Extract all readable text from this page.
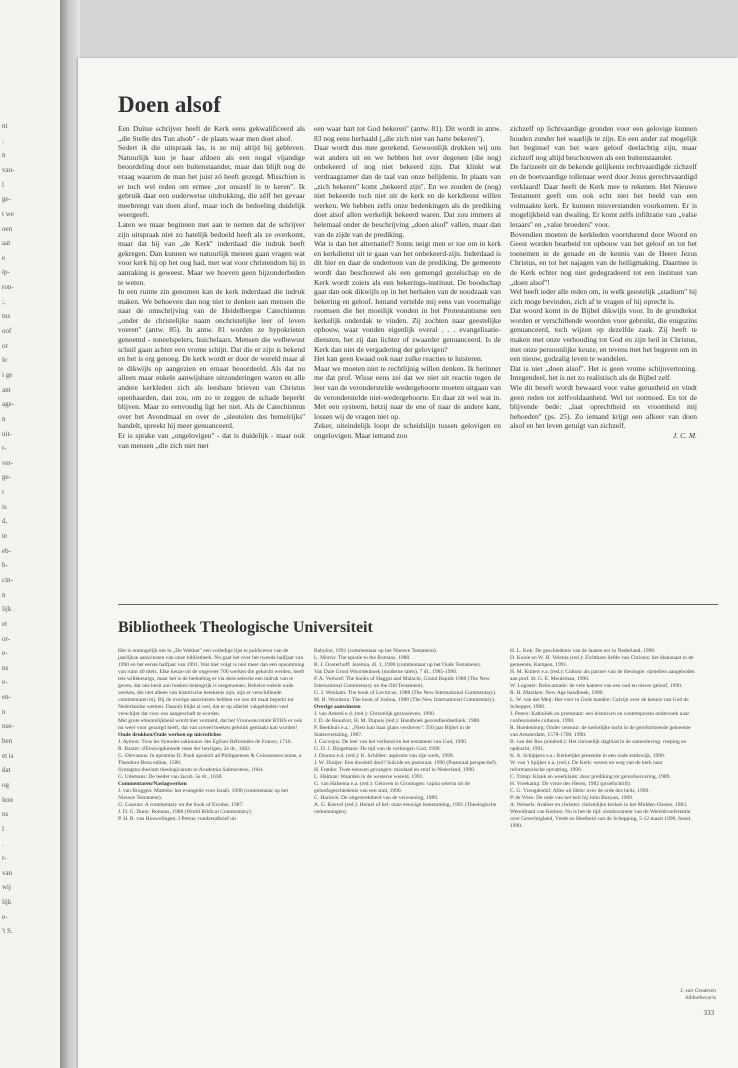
nt
:
n
van-
l
ge-
t we
oen
aat
e
ip-
ron-
;.
tus
oof
or
le
i ge
ant
age-
n
uit-
r-
ver-
ge-
r
is
d,
te
eb-
h-
cin-
n
lijk
et
or-
e-
ns
e-
en-
n
nse-
ben
et is
dat
og
leze
ns
l
.
r-
van
wij
lijk
e-
't S.
Doen alsof

Een Duitse schrijver heeft de Kerk eens gekwalificeerd als „die Stelle des Tun alsob'' - de plaats waar men doet alsof.

Sedert ik die uitspraak las, is ze mij altijd bij gebleven. Natuurlijk kun je haar afdoen als een nogal vijandige beoordeling door een buitenstaander, maar dan blijft nog de vraag waarom de man het juist zó heeft gezegd. Misschien is er toch wel reden om ermee „tot onszelf in te keren''. Ik gebruik daar een ouderwetse uitdrukking, die zèlf het gevaar meebrengt van doen alsof, maar toch de bedoeling duidelijk weergeeft.

Laten we maar beginnen met aan te nemen dat de schrijver zijn uitspraak niet zo hatelijk bedoeld heeft als ze overkomt, maar dat hij van „de Kerk'' inderdaad die indruk heeft gekregen. Dan kunnen we natuurlijk meteen gaan vragen wat voor kerk hij op het oog had, met wat voor christendom hij in aanraking is geweest. Maar we hoeven geen bijzonderheden te weten.

In een ruime zin genomen kan de kerk inderdaad die indruk maken. We behoeven dan nog niet te denken aan mensen die naar de omschrijving van de Heidelbergse Catechismus „onder de christelijke naam onchristelijke leer of leven voeren'' (antw. 85). In antw. 81 worden ze hypokrieten genoemd - toneelspelers, huichelaars. Mensen die welbewust schuil gaan achter een vrome schijn. Dat die er zijn is bekend en het is erg genoeg. De kerk wordt er door de wereld maar al te dikwijls op aangezien en ernaar beoordeeld. Als dat nu alleen maar enkele aanwijsbare uitzonderingen waren en alle andere kerkleden zich als leesbare brieven van Christus openbaarden, dan zou, om zo te zeggen de schade beperkt blijven. Maar zo eenvoudig ligt het niet. Als de Catechismus over het Avondmaal en over de „sleutelen des hemelrijks'' handelt, spreekt hij meer genuanceerd.

Er is sprake van „ongelovigen'' - dat is duidelijk - maar ook van mensen „die zich niet met

een waar hart tot God bekeren'' (antw. 81). Dit wordt in antw. 83 nog eens herhaald („die zich niet van harte bekeren'').

Daar wordt dus mee gerekend. Gewoonlijk drukken wij ons wat anders uit en we hebben het over degenen (die nog) onbekeerd of nog niet bekeerd zijn. Dat klinkt wat verdraagzamer dan de taal van onze belijdenis. In plaats van „zich bekeren'' komt „bekeerd zijn''. En we zouden de (nog) niet bekeerde toch niet uit de kerk en de kerkdienst willen werken. We hebben zelfs onze bedenkingen als de prediking doet alsof allen werkelijk bekeerd waren. Dat zou immers al helemaal onder de beschrijving „doen alsof'' vallen, maar dan van de zijde van de prediking.

Wat is dan het alternatief? Soms neigt men er toe om in kerk en kerkdienst uit te gaan van het onbekeerd-zijn. Inderdaad is dit hier en daar de ondertoon van de prediking. De gemeente wordt dan beschouwd als een gemengd gezelschap en de Kerk wordt zoiets als een bekerings-instituut. De boodschap gaat dan ook dikwijls op in het herhalen van de noodzaak van bekering en geloof. Iemand vertelde mij eens van voormalige roomsen die het moeilijk vonden in het Protestantisme een kerkelijk onderdak te vinden. Zij zochten naar geestelijke opbouw, waar vonden eigenlijk overal . . . evangelisatie-diensten, het zij dan lichter of zwaarder genuanceerd. Is de Kerk dan niet de vergadering der gelovigen?

Het kan geen kwaad ook naar zulke reacties te luisteren.

Maar we moeten niet te rechtlijnig willen denken. Ik herinner me dat prof. Wisse eens zei dat we niet uit reactie tegen de leer van de veronderstelde wedergeboorte moeten uitgaan van de veronderstelde niet-wedergeboorte. En daar zit wel wat in. Met een systeem, hetzij naar de ene of naar de andere kant, lossen wij de vragen niet op.

Zeker, uiteindelijk loopt de scheidslijn tussen gelovigen en ongelovigen. Maar iemand zou

zichzelf op lichtvaardige gronden voor een gelovige kunnen houden zonder het waarlijk te zijn. En een ander zal mogelijk het beginsel van het ware geloof deelachtig zijn, maar zichzelf nog altijd beschouwen als een buitenstaander.

De farizeeër uit de bekende gelijkenis rechtvaardigde zichzelf en de boetvaardige tollenaar werd door Jezus gerechtvaardigd verklaard! Daar heeft de Kerk mee te rekenen. Het Nieuwe Testament geeft ons ook echt niet het beeld van een volmaakte kerk. Er kunnen misverstanden voorkomen. Er is mogelijkheid van dwaling. Er komt zelfs infiltratie van „valse leraars'' en „valse broeders'' voor.

Bovendien moeten de kerkleden voortdurend door Woord en Geest worden bearbeid tot opbouw van het geloof en tot het toenemen in de genade en de kennis van de Heere Jezus Christus, en tot het najagen van de heiligmaking. Daarmee is de Kerk echter nog niet gedegradeerd tot een instituut van „doen alsof''!

Wel heeft ieder alle reden om, in welk geestelijk „stadium'' hij zich moge bevinden, zich af te vragen of hij oprecht is.

Dat woord komt in de Bijbel dikwijls voor. In de grondtekst worden er verschillende woorden voor gebruikt, die enigszins genuanceerd, toch wijzen op dezelfde zaak. Zij heeft te maken met onze verhouding tot God en zijn heil in Christus, met onze persoonlijke keuze, en tevens met het begeren om in een nieuw, godzalig leven te wandelen.

Dat is niet „doen alsof''. Het is geen vrome schijnvertoning. Integendeel, het is net zo realistisch als de Bijbel zelf.

Wie dit beseft wordt bewaard voor valse gerustheid en vindt geen reden tot zelfvoldaanheid. Wel tot ootmoed. En tot de blijvende bede: „laat oprechtheid en vroomheid mij behoeden'' (ps. 25). Zo iemand krijgt een afkeer van doen alsof en het leven getuigt van zichzelf.

J. C. M.

Bibliotheek Theologische Universiteit
Het is onmogelijk om in „De Wekker'' een volledige lijst te publiceren van de jaarlijkse aanwinsten van onze bibliotheek. Nu gaat het over het tweede halfjaar van 1990 en het eerste halfjaar van 1991. Wat hier volgt is niet meer dan een opsomming van ruim 40 titels. Elke keuze uit de ongeveer 700 werken die gekocht werden, heeft iets willekeurigs, maar het is de bedoeling er via deze selectie een indruk van te geven, dat ons bezit aan boeken belangrijk is toegenomen. Behalve enkele oude werken, die niet alleen van historische betekenis zijn, zijn er verschillende commentaren bij. Bij de overige aanwinsten hebben we ons dit maal beperkt tot Nederlandse werken. Daaruit blijkt al wel, dat er op allerlei vakgebieden veel verschijnt dat voor ons aangeschaft te worden.
Met grote erkentelijkheid wordt hier vermeld, dat het Vrouwencomité BTHS er ook nu weer voor gezorgd heeft, dat van zoveel boeken gebruik gemaakt kan worden!
Oude drukken/Oude werken op microfiches
J. Aymon: Tous les Synodes nationaux des Eglises Réformées de France, 1710.
R. Baxter: d'Eeuwigdurende ruste der heyligen, 2e dr., 1682.
G. Olevianus: In epistolas D. Pauli apostoli ad Philippenses & Colossenses notae, a Theodoro Beza editae, 1580.
Syntagma thesium theologicarum in Academia Salmuriensi, 1664.
G. Udemans: De leeder van Iacob. 5e dr., 1638.
Commentaren/Naslagwerken
J. van Bruggen: Matteüs: het evangelie voor Israël, 1990 (commentaar op het Nieuwe Testament).
U. Cassuto: A commentary on the book of Exodus, 1987.
J. D. G. Dunn: Romans, 1988 (World Biblical Commentary).
P. H. R. van Houwelingen: I Petrus: rondzendbrief uit
Babylon, 1991 (commentaar op het Nieuwe Testament).
L. Morris: The epistle to the Romans, 1988.
B. J. Oosterhoff: Jeremia, dl. 1, 1990 (commentaar op het Oude Testament).
Van Dale Groot Woordenboek (moderne talen), 7 dl., 1985-1990.
P. A. Verhoef: The books of Haggai and Malachi, Grand Rapids 1988 (The New International Commentary on the Old Testament).
G. J. Wenham: The book of Leviticus, 1988 (The New International Commentary).
M. H. Woudstra: The book of Joshua, 1988 (The New International Commentary).
Overige aanwinsten
J. van Amstel e.d. (red.): Christelijk gezinsleven, 1990.
I. D. de Beaufort, H. M. Dupuis (red.): Handboek gezondheidsethiek, 1988.
P. Beekhuis e.a.: „Niets kan haar glans verdoven'': 350 jaar Bijbel in de Statenvertaling, 1987.
J. Coccejus: De leer van het verbond en het testament van God, 1990.
G. D. J. Dingemans: De tijd van de verborgen God, 1990.
J. Douma e.d. (red.): K. Schilder: aspecten van zijn werk, 1990.
J. W. Draijer: Een doodstil doel? Suïcide en pastoraat, 1990 (Pastoraal perspectief).
H. Franke: Twee eeuwen gevangen: misdaad en straf in Nederland, 1990.
L. Halman: Waarden in de westerse wereld, 1991.
G. van Halsema e.a. (red.): Geloven in Groningen: capita selecta uit de geloofsgeschiedenis van een stad, 1990.
C. Harinck: De uitgestrektheid van de verzoening, 1989.
A. G. Knevel (red.): Hemel of hel: onze eeuwige bestemming, 1991 (Theologische verkenningen).
H. L. Kok: De geschiedenis van de laatste eer in Nederland, 1990.
D. Koole en W. H. Velema (red.): Zichtbare liefde van Christus: het diakonaat in de gemeente, Kampen, 1991.
H. M. Kuitert e.a. (red.): Cultuur als partner van de theologie: opstellen aangeboden aan prof. dr. G. E. Meuleman, 1990.
W. Logister: Reïncarnatie: de vele kamers van een oud en nieuw geloof, 1990.
R. H. Matzken: New Age handboek, 1990.
L. W. van der Meij: Het voer in Gods handen: Calvijn over de kennis van God de Schepper, 1990.
J. Peters: Katholiek en protestant: een historisch en contemporain onderzoek naar confessionele culturen, 1990.
R. Hoedenburg: Onder censuur: de kerkelijke tucht in de gereformeerde gemeente van Amsterdam, 1578-1700, 1990.
B. van der Ros (eindred.): Het christelijk dagblad in de samenleving: roeping en opdracht, 1991.
K. A. Schippers e.a.: Kerkelijke presentie in een oude stadswijk, 1990.
W. van 't Spijker e.a. (red.): De Kerk: wezen en weg van de kerk naar reformatorische opvatting, 1990.
C. Trimp: Klank en weerklank: door prediking tot geloofservaring, 1989.
H. Vreekamp: De vreze des Heren, 1982 (proefschrift).
C. G. Vreugdenhil: Alles uit Hem: over de orde des heils, 1990.
P. de Vries: De orde van het heil bij John Bunyan, 1989.
A. Wessels: Arabier en christen: christelijke kerken in het Midden-Oosten, 1983.
Wereldraad van Kerken: Nu is het de tijd: slotdocument van de Wereldconferentie over Gerechtigheid, Vrede en Heelheid van de Schepping, 5-12 maart 1990, Seoel, 1990.
J. van Genderen
bibliothecaris
333
